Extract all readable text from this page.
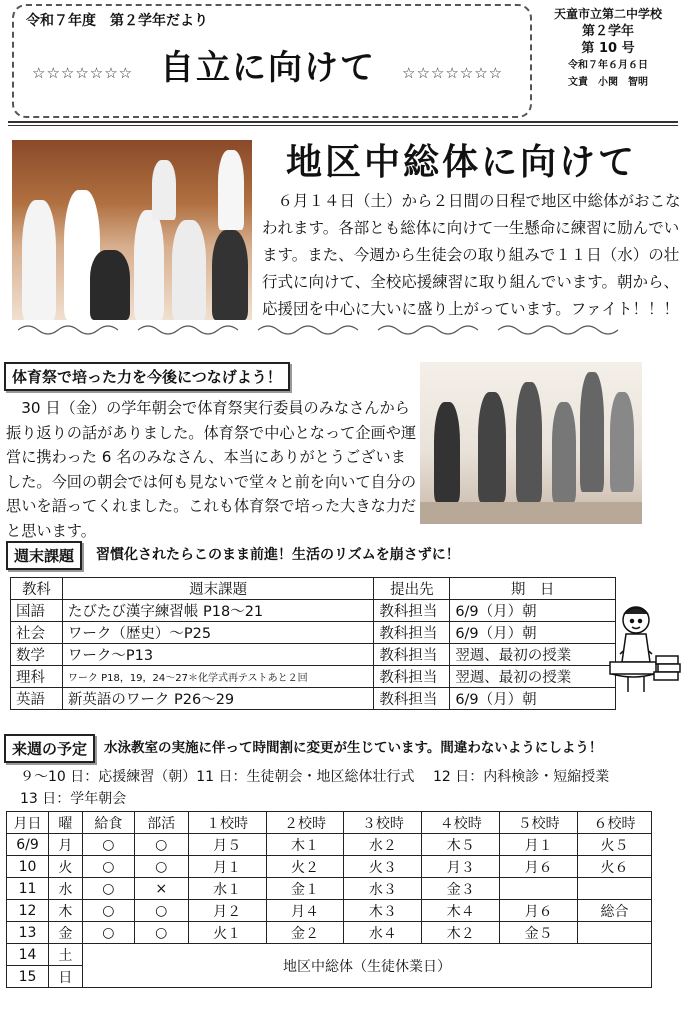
令和７年度　第２学年だより
☆☆☆☆☆☆☆ 自立に向けて ☆☆☆☆☆☆☆
天童市立第二中学校
第２学年
第 10 号
令和７年６月６日
文責　小関　智明
地区中総体に向けて
　６月１４日（土）から２日間の日程で地区中総体がおこなわれます。各部とも総体に向けて一生懸命に練習に励んでいます。また、今週から生徒会の取り組みで１１日（水）の壮行式に向けて、全校応援練習に取り組んでいます。朝から、応援団を中心に大いに盛り上がっています。ファイト！！！
体育祭で培った力を今後につなげよう！
　30 日（金）の学年朝会で体育祭実行委員のみなさんから振り返りの話がありました。体育祭で中心となって企画や運営に携わった 6 名のみなさん、本当にありがとうございました。今回の朝会では何も見ないで堂々と前を向いて自分の思いを語ってくれました。これも体育祭で培った大きな力だと思います。
週末課題	習慣化されたらこのまま前進！生活のリズムを崩さずに！
教科	週末課題	提出先	期　日
国語	たびたび漢字練習帳 P18～21	教科担当	6/9（月）朝
社会	ワーク（歴史）～P25	教科担当	6/9（月）朝
数学	ワーク～P13	教科担当	翌週、最初の授業
理科	ワーク P18，19，24～27＊化学式再テストあと２回	教科担当	翌週、最初の授業
英語	新英語のワーク P26～29	教科担当	6/9（月）朝
来週の予定	水泳教室の実施に伴って時間割に変更が生じています。間違わないようにしよう！
９～10 日：応援練習（朝）11 日：生徒朝会・地区総体壮行式　 12 日：内科検診・短縮授業
13 日：学年朝会
月日	曜	給食	部活	１校時	２校時	３校時	４校時	５校時	６校時
6/9	月	○	○	月５	木１	水２	木５	月１	火５
10	火	○	○	月１	火２	火３	月３	月６	火６
11	水	○	×	水１	金１	水３	金３		
12	木	○	○	月２	月４	木３	木４	月６	総合
13	金	○	○	火１	金２	水４	木２	金５	
14	土	地区中総体（生徒休業日）							
15	日								
